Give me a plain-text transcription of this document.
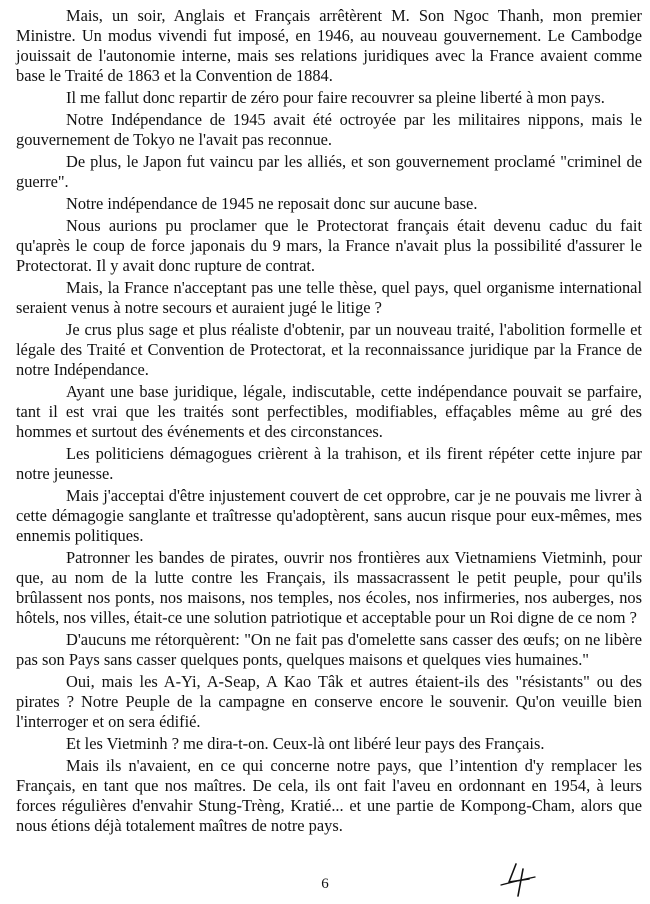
Mais, un soir, Anglais et Français arrêtèrent M. Son Ngoc Thanh, mon premier Ministre. Un modus vivendi fut imposé, en 1946, au nouveau gouvernement. Le Cambodge jouissait de l'autonomie interne, mais ses relations juridiques avec la France avaient comme base le Traité de 1863 et la Convention de 1884.

Il me fallut donc repartir de zéro pour faire recouvrer sa pleine liberté à mon pays.

Notre Indépendance de 1945 avait été octroyée par les militaires nippons, mais le gouvernement de Tokyo ne l'avait pas reconnue.

De plus, le Japon fut vaincu par les alliés, et son gouvernement proclamé "criminel de guerre".

Notre indépendance de 1945 ne reposait donc sur aucune base.

Nous aurions pu proclamer que le Protectorat français était devenu caduc du fait qu'après le coup de force japonais du 9 mars, la France n'avait plus la possibilité d'assurer le Protectorat. Il y avait donc rupture de contrat.

Mais, la France n'acceptant pas une telle thèse, quel pays, quel organisme international seraient venus à notre secours et auraient jugé le litige ?

Je crus plus sage et plus réaliste d'obtenir, par un nouveau traité, l'abolition formelle et légale des Traité et Convention de Protectorat, et la reconnaissance juridique par la France de notre Indépendance.

Ayant une base juridique, légale, indiscutable, cette indépendance pouvait se parfaire, tant il est vrai que les traités sont perfectibles, modifiables, effaçables même au gré des hommes et surtout des événements et des circonstances.

Les politiciens démagogues crièrent à la trahison, et ils firent répéter cette injure par notre jeunesse.

Mais j'acceptai d'être injustement couvert de cet opprobre, car je ne pouvais me livrer à cette démagogie sanglante et traîtresse qu'adoptèrent, sans aucun risque pour eux-mêmes, mes ennemis politiques.

Patronner les bandes de pirates, ouvrir nos frontières aux Vietnamiens Vietminh, pour que, au nom de la lutte contre les Français, ils massacrassent le petit peuple, pour qu'ils brûlassent nos ponts, nos maisons, nos temples, nos écoles, nos infirmeries, nos auberges, nos hôtels, nos villes, était-ce une solution patriotique et acceptable pour un Roi digne de ce nom ?

D'aucuns me rétorquèrent: "On ne fait pas d'omelette sans casser des œufs; on ne libère pas son Pays sans casser quelques ponts, quelques maisons et quelques vies humaines."

Oui, mais les A-Yi, A-Seap, A Kao Tâk et autres étaient-ils des "résistants" ou des pirates ? Notre Peuple de la campagne en conserve encore le souvenir. Qu'on veuille bien l'interroger et on sera édifié.

Et les Vietminh ? me dira-t-on. Ceux-là ont libéré leur pays des Français.

Mais ils n'avaient, en ce qui concerne notre pays, que l’intention d'y remplacer les Français, en tant que nos maîtres. De cela, ils ont fait l'aveu en ordonnant en 1954, à leurs forces régulières d'envahir Stung-Trèng, Kratié... et une partie de Kompong-Cham, alors que nous étions déjà totalement maîtres de notre pays.

6
